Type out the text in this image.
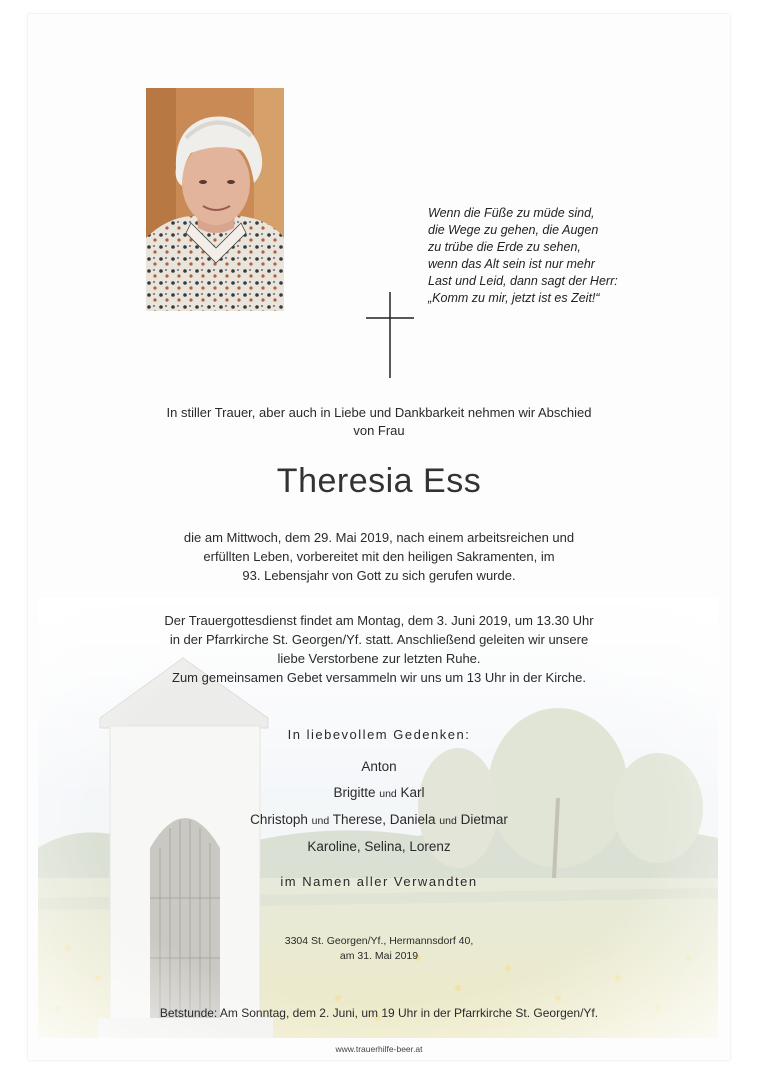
Wenn die Füße zu müde sind,
die Wege zu gehen, die Augen
zu trübe die Erde zu sehen,
wenn das Alt sein ist nur mehr
Last und Leid, dann sagt der Herr:
„Komm zu mir, jetzt ist es Zeit!“
In stiller Trauer, aber auch in Liebe und Dankbarkeit nehmen wir Abschied
von Frau
Theresia Ess
die am Mittwoch, dem 29. Mai 2019, nach einem arbeitsreichen und
erfüllten Leben, vorbereitet mit den heiligen Sakramenten, im
93. Lebensjahr von Gott zu sich gerufen wurde.
Der Trauergottesdienst findet am Montag, dem 3. Juni 2019, um 13.30 Uhr
in der Pfarrkirche St. Georgen/Yf. statt. Anschließend geleiten wir unsere
liebe Verstorbene zur letzten Ruhe.
Zum gemeinsamen Gebet versammeln wir uns um 13 Uhr in der Kirche.
In liebevollem Gedenken:
Anton
Brigitte und Karl
Christoph und Therese, Daniela und Dietmar
Karoline, Selina, Lorenz
im Namen aller Verwandten
3304 St. Georgen/Yf., Hermannsdorf 40,
am 31. Mai 2019
Betstunde: Am Sonntag, dem 2. Juni, um 19 Uhr in der Pfarrkirche St. Georgen/Yf.
www.trauerhilfe-beer.at
